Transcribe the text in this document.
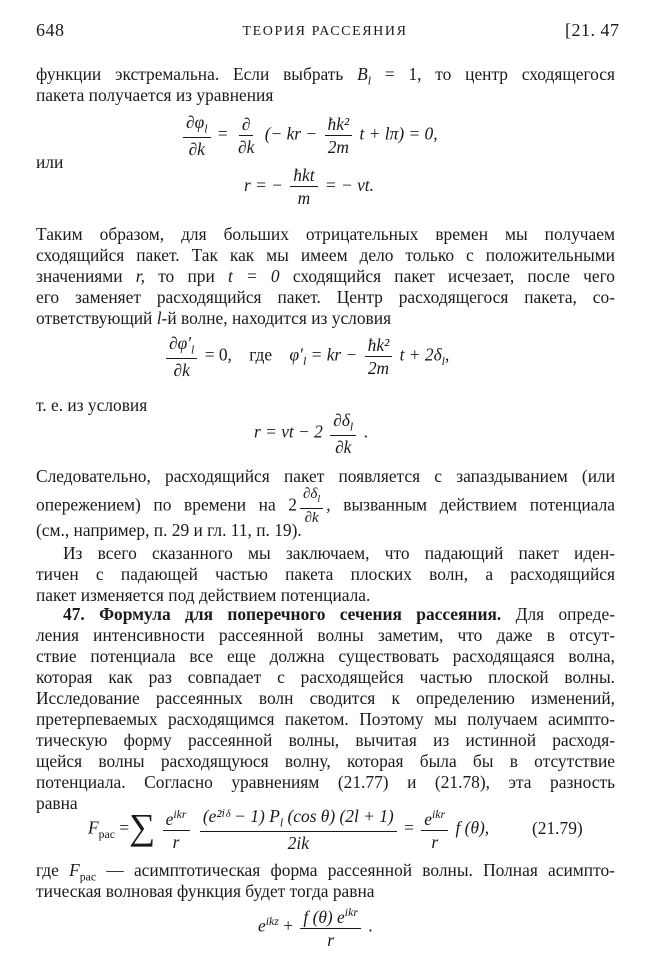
648	ТЕОРИЯ РАССЕЯНИЯ	[21. 47
функции экстремальна. Если выбрать $B_l = 1$, то центр сходящегося
пакета получается из уравнения
$\frac{\partial\varphi_l}{\partial k} = \frac{\partial}{\partial k}$ (− kr − $\frac{\text{ħk²}}{2m}$ t + lπ) = 0,
или
r = − $\frac{\text{ħkt}}{m}$ = − vt.
Таким образом, для больших отрицательных времен мы получаем
сходящийся пакет. Так как мы имеем дело только с положительными
значениями r, то при t = 0 сходящийся пакет исчезает, после чего
его заменяет расходящийся пакет. Центр расходящегося пакета, со-
ответствующий l-й волне, находится из условия
$\frac{\partial\varphi'_l}{\partial k} = 0$, где $\varphi'_l$ = kr − $\frac{\text{ħk²}}{2m}$ $t + 2\delta_l$,
т. е. из условия
r = vt − $2 \frac{\partial\delta_l}{\partial k}$ .
Следовательно, расходящийся пакет появляется с запаздыванием (или
опережением) по времени на $2 \frac{\partial\delta_l}{\partial k}$ , вызванным действием потенциала
(см., например, п. 29 и гл. 11, п. 19).
Из всего сказанного мы заключаем, что падающий пакет иден-
тичен с падающей частью пакета плоских волн, а расходящийся
пакет изменяется под действием потенциала.
47. Формула для поперечного сечения рассеяния. Для опреде-
ления интенсивности рассеянной волны заметим, что даже в отсут-
ствие потенциала все еще должна существовать расходящаяся волна,
которая как раз совпадает с расходящейся частью плоской волны.
Исследование рассеянных волн сводится к определению изменений,
претерпеваемых расходящимся пакетом. Поэтому мы получаем асимпто-
тическую форму рассеянной волны, вычитая из истинной расходя-
щейся волны расходящуюся волну, которая была бы в отсутствие
потенциала. Согласно уравнениям (21.77) и (21.78), эта разность
равна
$F_{рас}$ =∑ $\frac{e^{ikr}}{r}$
$\frac{(e^{2i}ᵟ - 1) P_l (\cos \theta) (2l + 1)}{2ik} = \frac{e^{ikr}}{r}$ f (θ), (21.79)
где $F_{рас}$ — асимптотическая форма рассеянной волны. Полная асимпто-
тическая волновая функция будет тогда равна
$e^{ikz} + \frac{f (\theta) e^{ikr}}{r}$ .
